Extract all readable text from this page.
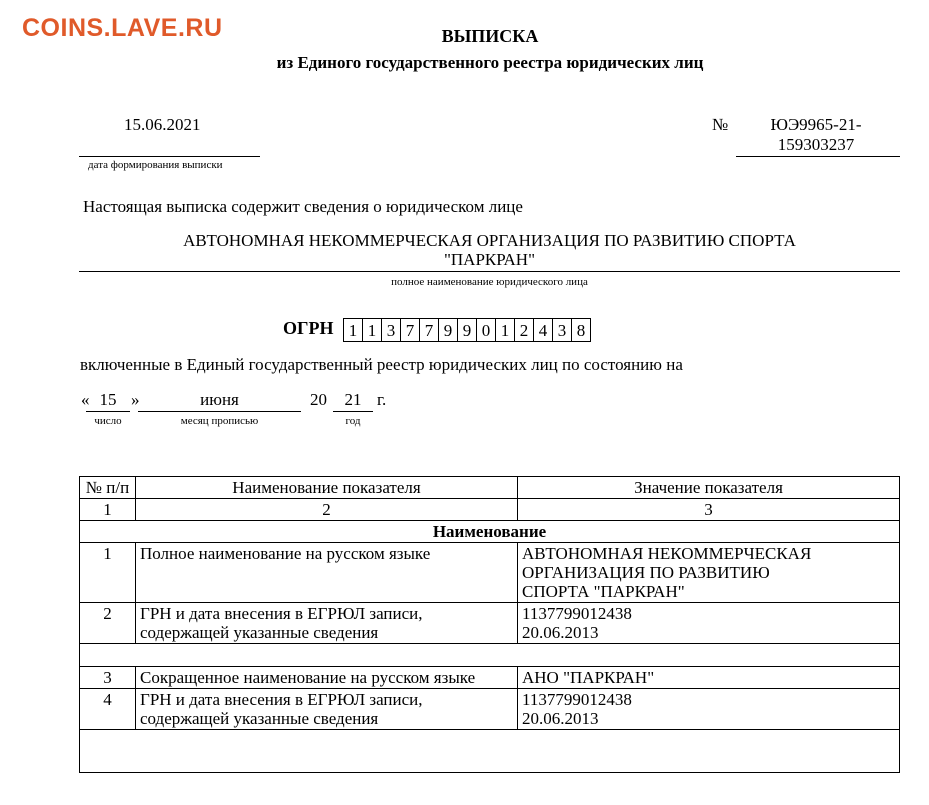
COINS.LAVE.RU	ВЫПИСКА
из Единого государственного реестра юридических лиц
15.06.2021
дата формирования выписки
№	ЮЭ9965-21-
159303237
Настоящая выписка содержит сведения о юридическом лице
АВТОНОМНАЯ НЕКОММЕРЧЕСКАЯ ОРГАНИЗАЦИЯ ПО РАЗВИТИЮ СПОРТА
"ПАРКРАН"
полное наименование юридического лица
ОГРН 1 1 3 7 7 9 9 0 1 2 4 3 8
включенные в Единый государственный реестр юридических лиц по состоянию на
« 15 »	июня	20	21 г.
число	месяц прописью	год
№ п/п	Наименование показателя	Значение показателя
1	2	3
Наименование		
1	Полное наименование на русском языке	АВТОНОМНАЯ НЕКОММЕРЧЕСКАЯ
ОРГАНИЗАЦИЯ ПО РАЗВИТИЮ
СПОРТА "ПАРКРАН"

2	ГРН и дата внесения в ЕГРЮЛ записи, содержащей указанные сведения	1137799012438
20.06.2013

3	Сокращенное наименование на русском языке	АНО "ПАРКРАН"

4	ГРН и дата внесения в ЕГРЮЛ записи, содержащей указанные сведения	1137799012438
20.06.2013
